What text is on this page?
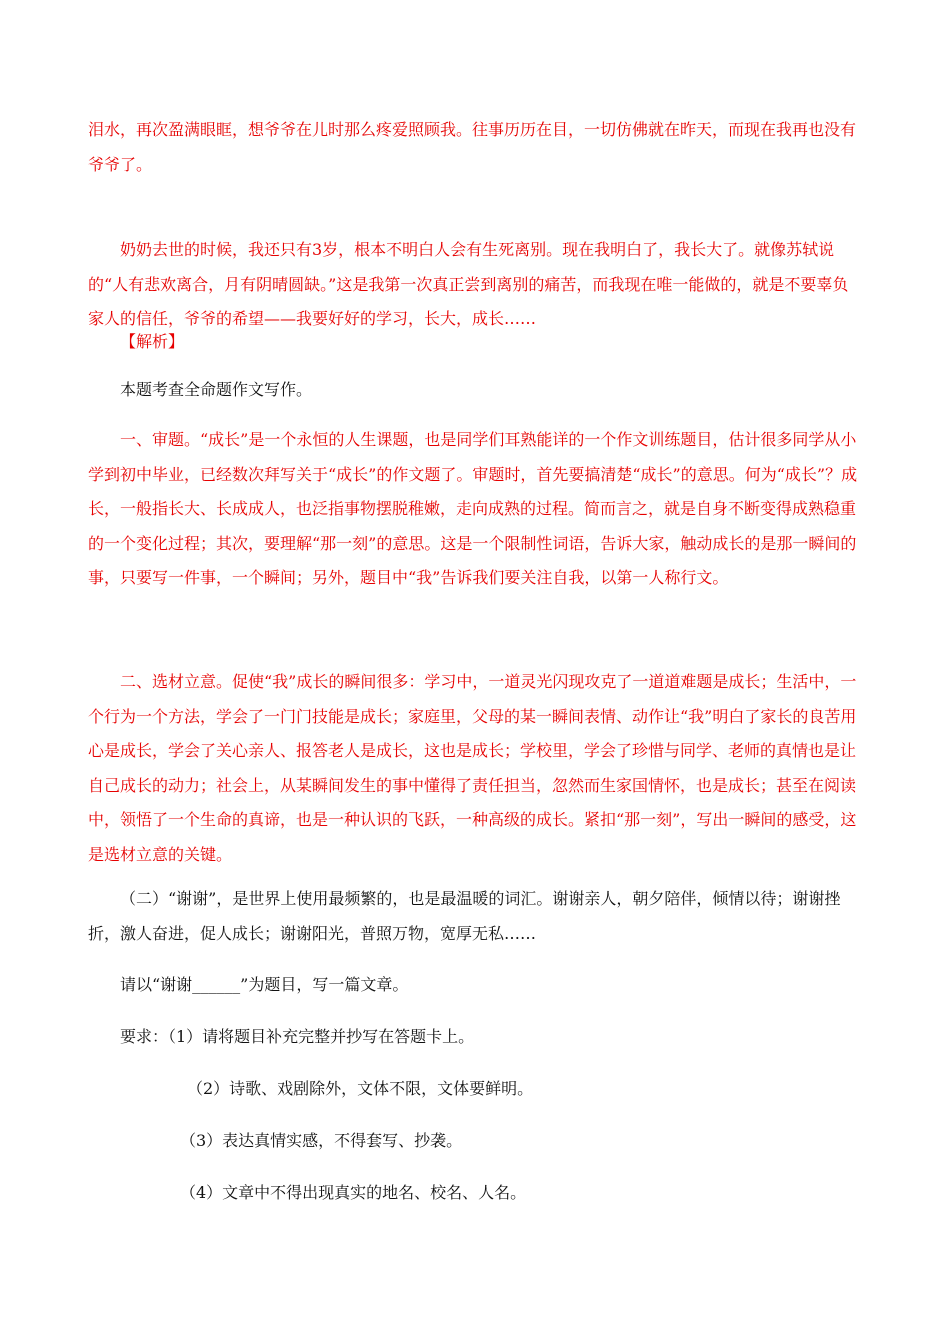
泪水，再次盈满眼眶，想爷爷在儿时那么疼爱照顾我。往事历历在目，一切仿佛就在昨天，而现在我再也没有爷爷了。

奶奶去世的时候，我还只有3岁，根本不明白人会有生死离别。现在我明白了，我长大了。就像苏轼说的“人有悲欢离合，月有阴晴圆缺。”这是我第一次真正尝到离别的痛苦，而我现在唯一能做的，就是不要辜负家人的信任，爷爷的希望——我要好好的学习，长大，成长……

【解析】

本题考查全命题作文写作。

一、审题。“成长”是一个永恒的人生课题，也是同学们耳熟能详的一个作文训练题目，估计很多同学从小学到初中毕业，已经数次拜写关于“成长”的作文题了。审题时，首先要搞清楚“成长”的意思。何为“成长”？成长，一般指长大、长成成人，也泛指事物摆脱稚嫩，走向成熟的过程。简而言之，就是自身不断变得成熟稳重的一个变化过程；其次，要理解“那一刻”的意思。这是一个限制性词语，告诉大家，触动成长的是那一瞬间的事，只要写一件事，一个瞬间；另外，题目中“我”告诉我们要关注自我，以第一人称行文。

二、选材立意。促使“我”成长的瞬间很多：学习中，一道灵光闪现攻克了一道道难题是成长；生活中，一个行为一个方法，学会了一门门技能是成长；家庭里，父母的某一瞬间表情、动作让“我”明白了家长的良苦用心是成长，学会了关心亲人、报答老人是成长，这也是成长；学校里，学会了珍惜与同学、老师的真情也是让自己成长的动力；社会上，从某瞬间发生的事中懂得了责任担当，忽然而生家国情怀，也是成长；甚至在阅读中，领悟了一个生命的真谛，也是一种认识的飞跃，一种高级的成长。紧扣“那一刻”，写出一瞬间的感受，这是选材立意的关键。

（二）“谢谢”，是世界上使用最频繁的，也是最温暖的词汇。谢谢亲人，朝夕陪伴，倾情以待；谢谢挫折，激人奋进，促人成长；谢谢阳光，普照万物，宽厚无私……

请以“谢谢______”为题目，写一篇文章。

要求：（1）请将题目补充完整并抄写在答题卡上。

（2）诗歌、戏剧除外，文体不限，文体要鲜明。

（3）表达真情实感，不得套写、抄袭。

（4）文章中不得出现真实的地名、校名、人名。
